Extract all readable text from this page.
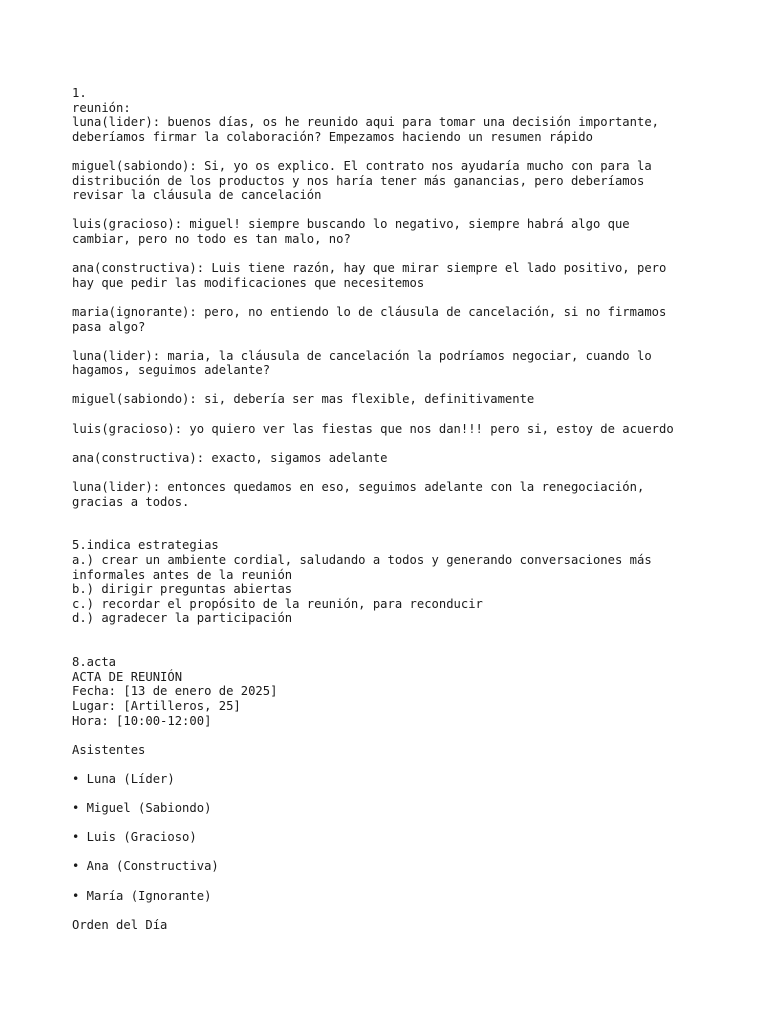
1.

reunión:

luna(lider): buenos días, os he reunido aqui para tomar una decisión importante,

deberíamos firmar la colaboración? Empezamos haciendo un resumen rápido

miguel(sabiondo): Si, yo os explico. El contrato nos ayudaría mucho con para la

distribución de los productos y nos haría tener más ganancias, pero deberíamos

revisar la cláusula de cancelación

luis(gracioso): miguel! siempre buscando lo negativo, siempre habrá algo que

cambiar, pero no todo es tan malo, no?

ana(constructiva): Luis tiene razón, hay que mirar siempre el lado positivo, pero

hay que pedir las modificaciones que necesitemos

maria(ignorante): pero, no entiendo lo de cláusula de cancelación, si no firmamos

pasa algo?

luna(lider): maria, la cláusula de cancelación la podríamos negociar, cuando lo

hagamos, seguimos adelante?

miguel(sabiondo): si, debería ser mas flexible, definitivamente

luis(gracioso): yo quiero ver las fiestas que nos dan!!! pero si, estoy de acuerdo

ana(constructiva): exacto, sigamos adelante

luna(lider): entonces quedamos en eso, seguimos adelante con la renegociación,

gracias a todos.

5.indica estrategias

a.) crear un ambiente cordial, saludando a todos y generando conversaciones más

informales antes de la reunión

b.) dirigir preguntas abiertas

c.) recordar el propósito de la reunión, para reconducir

d.) agradecer la participación

8.acta

ACTA DE REUNIÓN

Fecha: [13 de enero de 2025]

Lugar: [Artilleros, 25]

Hora: [10:00-12:00]

Asistentes

• Luna (Líder)

• Miguel (Sabiondo)

• Luis (Gracioso)

• Ana (Constructiva)

• María (Ignorante)

Orden del Día
